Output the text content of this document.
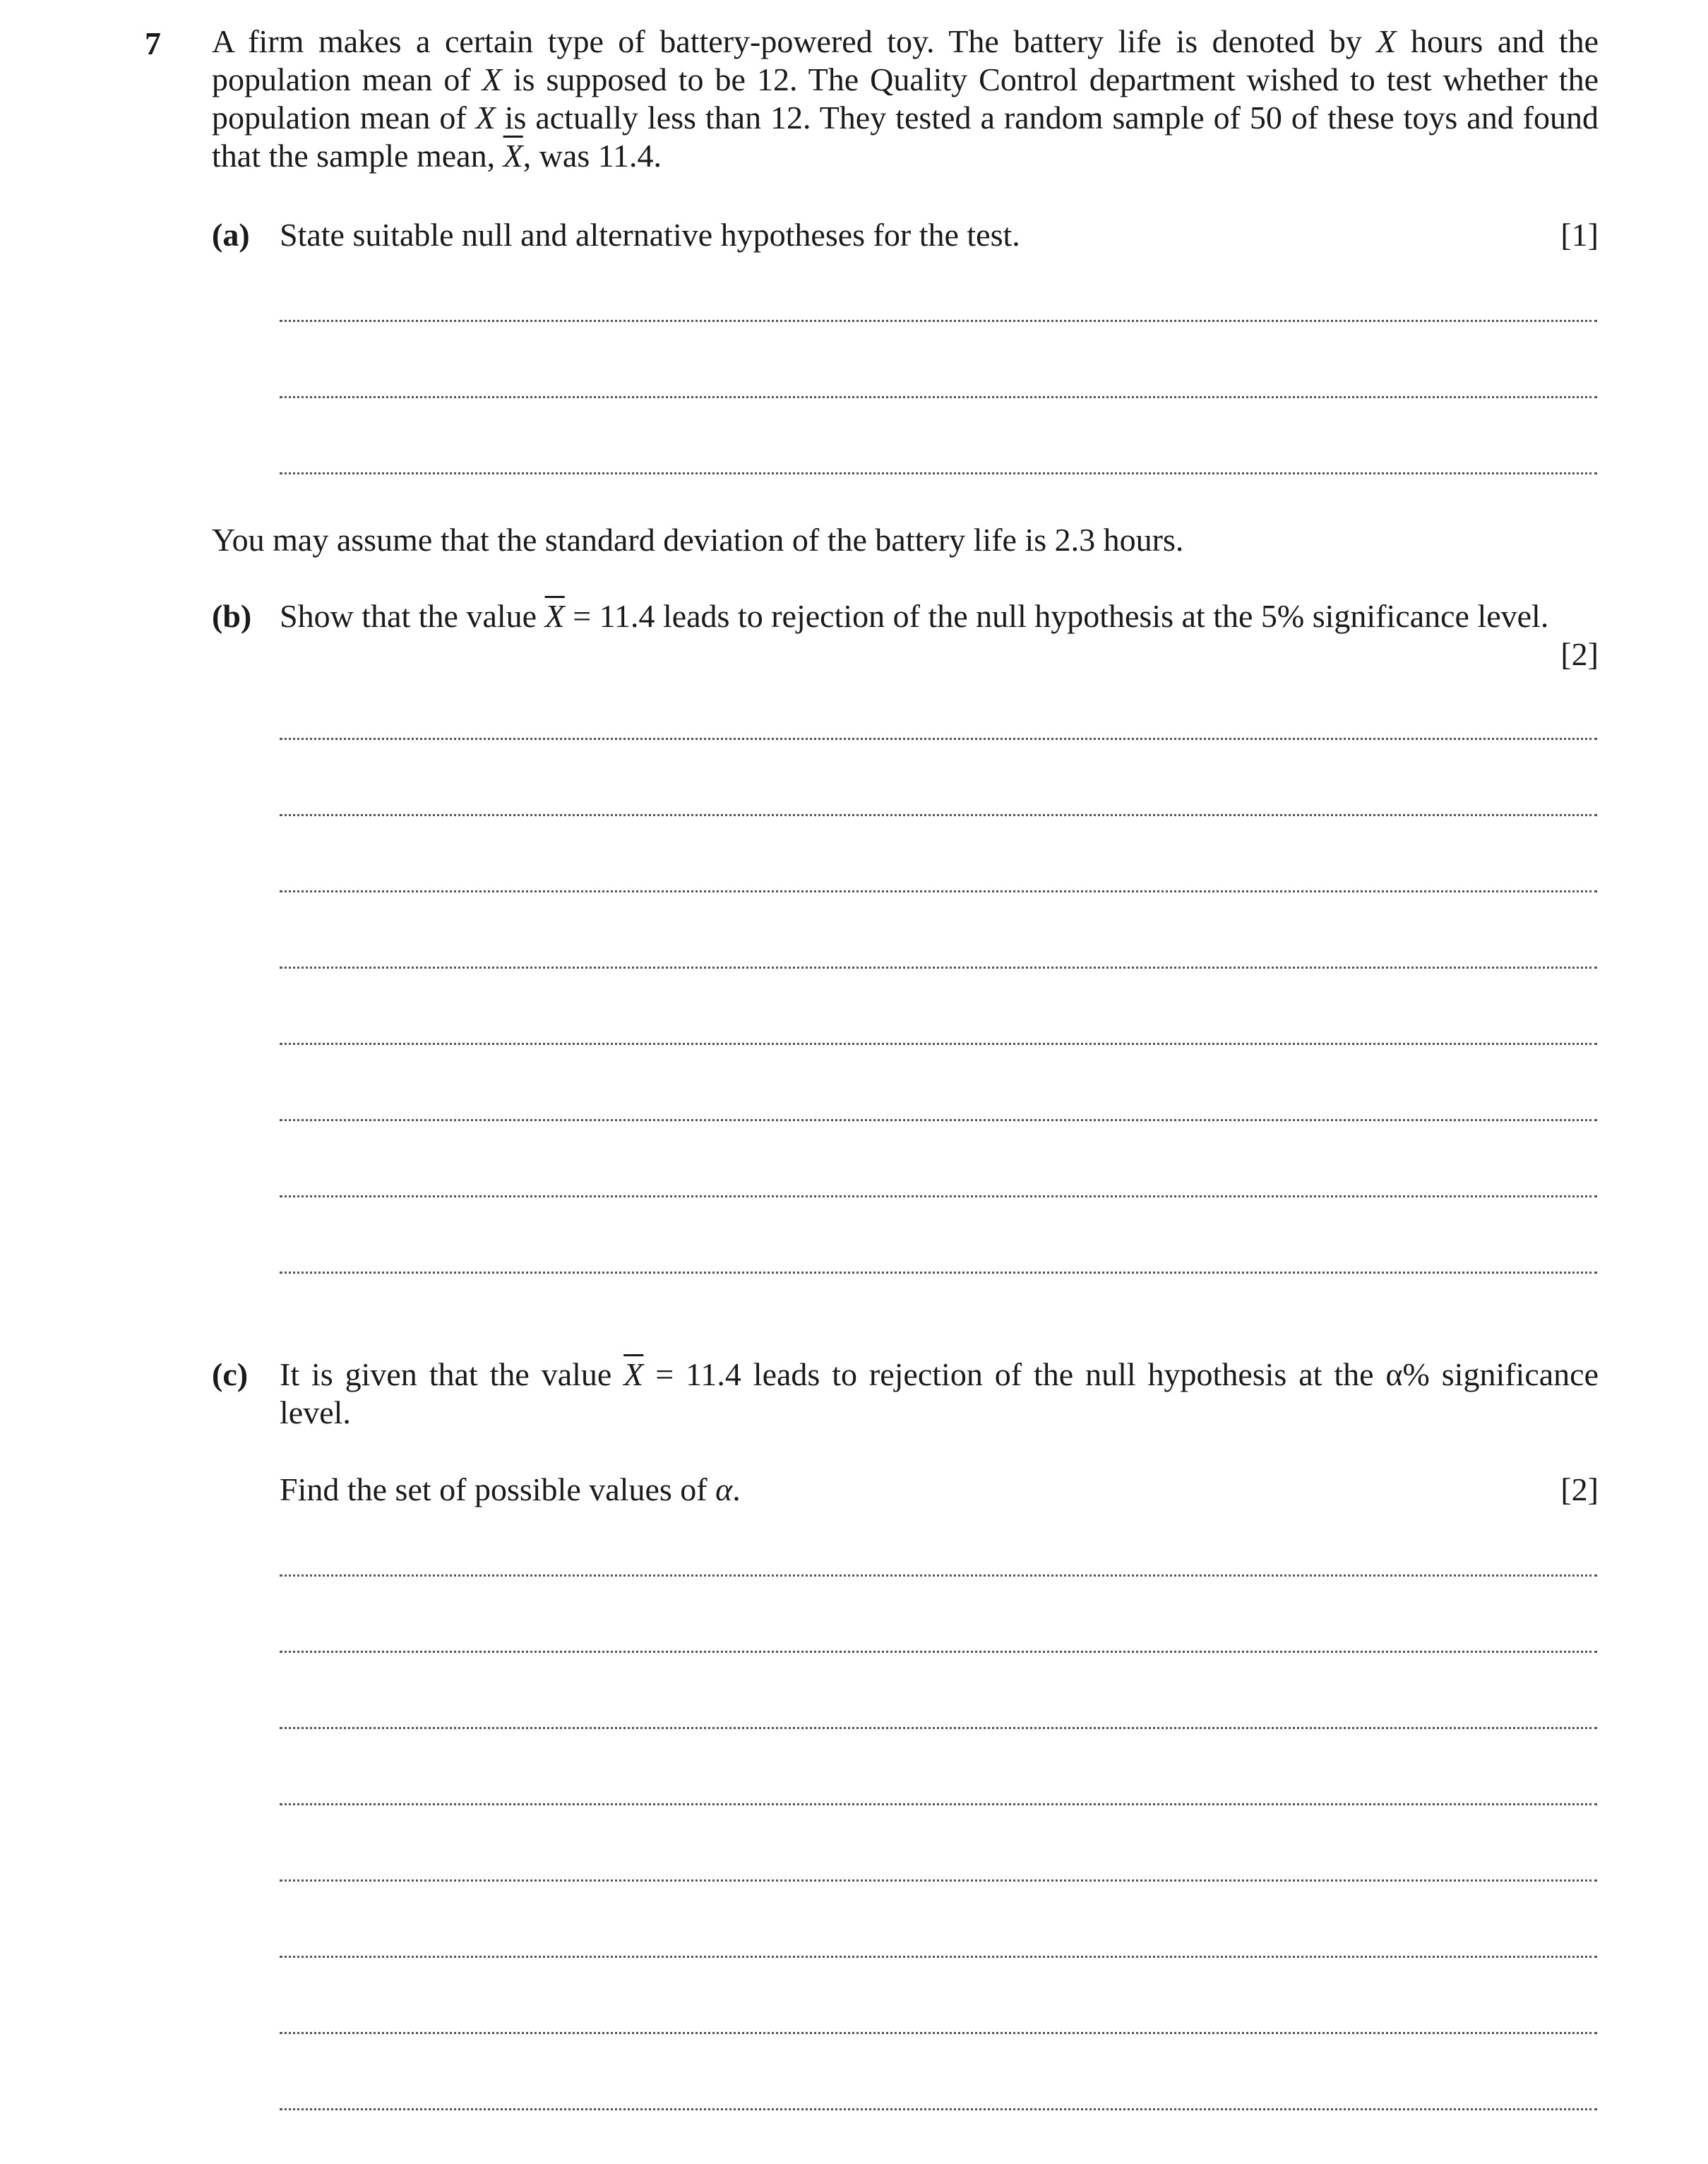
7 A firm makes a certain type of battery-powered toy. The battery life is denoted by X hours and the population mean of X is supposed to be 12. The Quality Control department wished to test whether the population mean of X is actually less than 12. They tested a random sample of 50 of these toys and found that the sample mean, $\overline{X}$, was 11.4.

(a) State suitable null and alternative hypotheses for the test.	[1]
You may assume that the standard deviation of the battery life is 2.3 hours.
(b) Show that the value $\overline{X} = 11.4$ leads to rejection of the null hypothesis at the 5% significance level.
[2]
(c) It is given that the value $\overline{X} = 11.4$ leads to rejection of the null hypothesis at the α% significance level.
Find the set of possible values of α.	[2]
